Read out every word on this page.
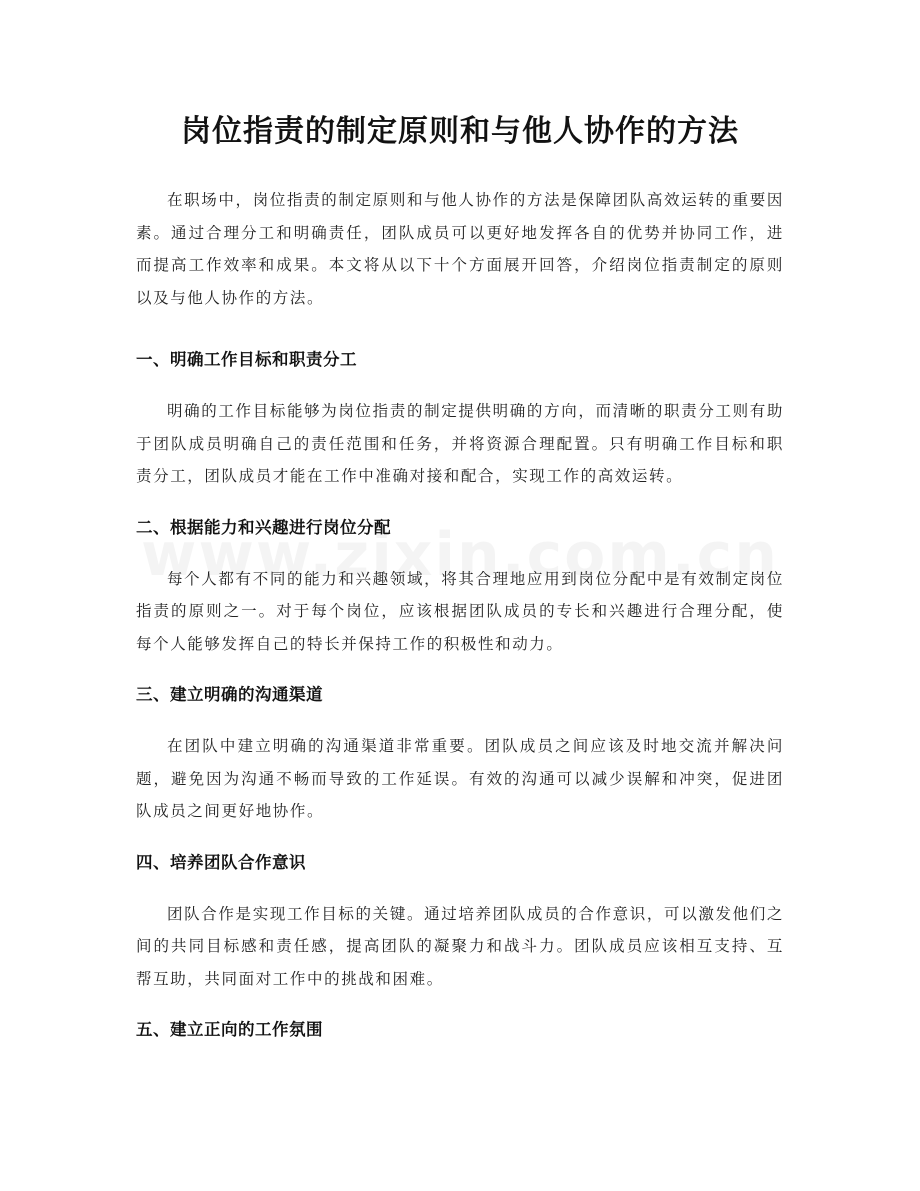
岗位指责的制定原则和与他人协作的方法

在职场中，岗位指责的制定原则和与他人协作的方法是保障团队高效运转的重要因素。通过合理分工和明确责任，团队成员可以更好地发挥各自的优势并协同工作，进而提高工作效率和成果。本文将从以下十个方面展开回答，介绍岗位指责制定的原则以及与他人协作的方法。

一、明确工作目标和职责分工

明确的工作目标能够为岗位指责的制定提供明确的方向，而清晰的职责分工则有助于团队成员明确自己的责任范围和任务，并将资源合理配置。只有明确工作目标和职责分工，团队成员才能在工作中准确对接和配合，实现工作的高效运转。

二、根据能力和兴趣进行岗位分配

每个人都有不同的能力和兴趣领域，将其合理地应用到岗位分配中是有效制定岗位指责的原则之一。对于每个岗位，应该根据团队成员的专长和兴趣进行合理分配，使每个人能够发挥自己的特长并保持工作的积极性和动力。

三、建立明确的沟通渠道

在团队中建立明确的沟通渠道非常重要。团队成员之间应该及时地交流并解决问题，避免因为沟通不畅而导致的工作延误。有效的沟通可以减少误解和冲突，促进团队成员之间更好地协作。

四、培养团队合作意识

团队合作是实现工作目标的关键。通过培养团队成员的合作意识，可以激发他们之间的共同目标感和责任感，提高团队的凝聚力和战斗力。团队成员应该相互支持、互帮互助，共同面对工作中的挑战和困难。

五、建立正向的工作氛围
